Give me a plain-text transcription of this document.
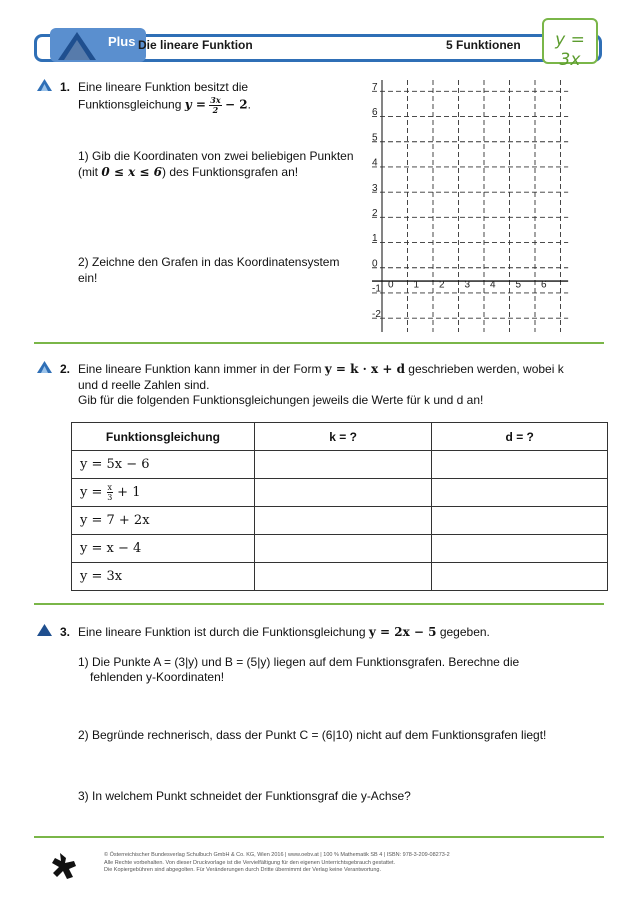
Plus Die lineare Funktion	5 Funktionen	y = 3x
1. Eine lineare Funktion besitzt die
Funktionsgleichung $y = \frac{3x}{2} - 2$.
1) Gib die Koordinaten von zwei beliebigen Punkten
(mit 0 ≤ x ≤ 6) des Funktionsgrafen an!
2) Zeichne den Grafen in das Koordinatensystem
ein!
7
6
5
4
3
2
1
0
-1
-2
0 1 2 3 4 5 6
2. Eine lineare Funktion kann immer in der Form y = k · x + d geschrieben werden, wobei k
und d reelle Zahlen sind.
Gib für die folgenden Funktionsgleichungen jeweils die Werte für k und d an!
Funktionsgleichung	k = ?	d = ?
y = 5x − 6		
$y = \frac{x}{3} + 1$		
y = 7 + 2x		
y = x − 4		
y = 3x		
3. Eine lineare Funktion ist durch die Funktionsgleichung y = 2x − 5 gegeben.
1) Die Punkte A = (3|y) und B = (5|y) liegen auf dem Funktionsgrafen. Berechne die
fehlenden y-Koordinaten!
2) Begründe rechnerisch, dass der Punkt C = (6|10) nicht auf dem Funktionsgrafen liegt!
3) In welchem Punkt schneidet der Funktionsgraf die y-Achse?
© Österreichischer Bundesverlag Schulbuch GmbH & Co. KG, Wien 2016 | www.oebv.at | 100 % Mathematik SB 4 | ISBN: 978-3-209-08273-2
Alle Rechte vorbehalten. Von dieser Druckvorlage ist die Vervielfältigung für den eigenen Unterrichtsgebrauch gestattet.
Die Kopiergebühren sind abgegolten. Für Veränderungen durch Dritte übernimmt der Verlag keine Verantwortung.
